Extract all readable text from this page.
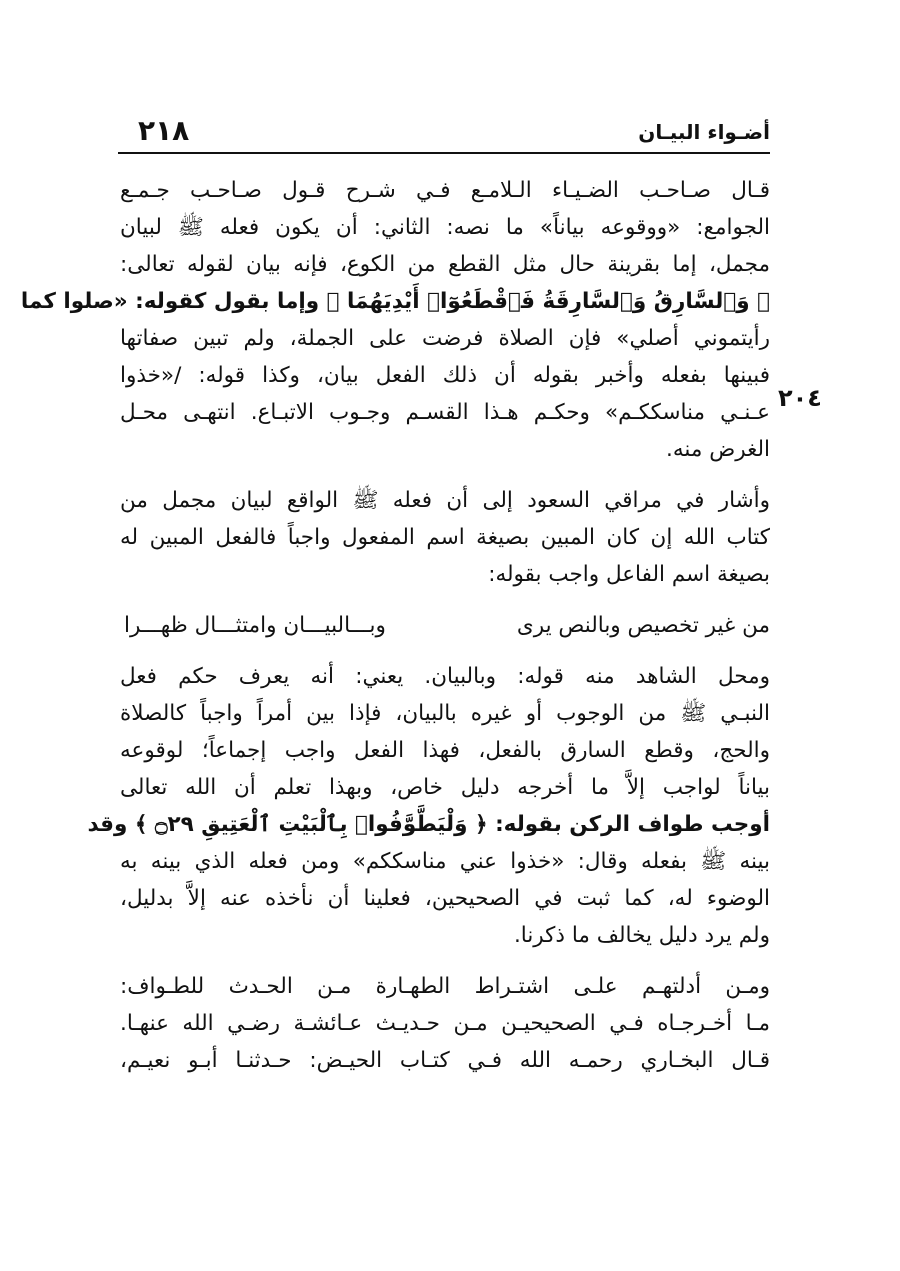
٢١٨	أضـواء البيـان
٢٠٤
قـال صـاحـب الضـيـاء الـلامـع فـي شـرح قـول صـاحـب جـمـع
الجوامع: «ووقوعه بياناً» ما نصه: الثاني: أن يكون فعله ﷺ لبيان
مجمل، إما بقرينة حال مثل القطع من الكوع، فإنه بيان لقوله تعالى:
﴿ وَٱلسَّارِقُ وَٱلسَّارِقَةُ فَٱقْطَعُوٓا۟ أَيْدِيَهُمَا ﴾ وإما بقول كقوله: «صلوا كما
رأيتموني أصلي» فإن الصلاة فرضت على الجملة، ولم تبين صفاتها
فبينها بفعله وأخبر بقوله أن ذلك الفعل بيان، وكذا قوله: /«خذوا
عـنـي مناسككـم» وحكـم هـذا القسـم وجـوب الاتبـاع. انتهـى محـل
الغرض منه.
وأشار في مراقي السعود إلى أن فعله ﷺ الواقع لبيان مجمل من
كتاب الله إن كان المبين بصيغة اسم المفعول واجباً فالفعل المبين له
بصيغة اسم الفاعل واجب بقوله:
من غير تخصيص وبالنص يرى
وبـــالبيـــان وامتثـــال ظهـــرا
ومحل الشاهد منه قوله: وبالبيان. يعني: أنه يعرف حكم فعل
النبـي ﷺ من الوجوب أو غيره بالبيان، فإذا بين أمراً واجباً كالصلاة
والحج، وقطع السارق بالفعل، فهذا الفعل واجب إجماعاً؛ لوقوعه
بياناً لواجب إلاَّ ما أخرجه دليل خاص، وبهذا تعلم أن الله تعالى
أوجب طواف الركن بقوله: ﴿ وَلْيَطَّوَّفُوا۟ بِٱلْبَيْتِ ٱلْعَتِيقِ ۝٢٩ ﴾ وقد
بينه ﷺ بفعله وقال: «خذوا عني مناسككم» ومن فعله الذي بينه به
الوضوء له، كما ثبت في الصحيحين، فعلينا أن نأخذه عنه إلاَّ بدليل،
ولم يرد دليل يخالف ما ذكرنا.
ومـن أدلتهـم علـى اشتـراط الطهـارة مـن الحـدث للطـواف:
مـا أخـرجـاه فـي الصحيحيـن مـن حـديـث عـائشـة رضـي الله عنهـا.
قـال البخـاري رحمـه الله فـي كتـاب الحيـض: حـدثنـا أبـو نعيـم،
